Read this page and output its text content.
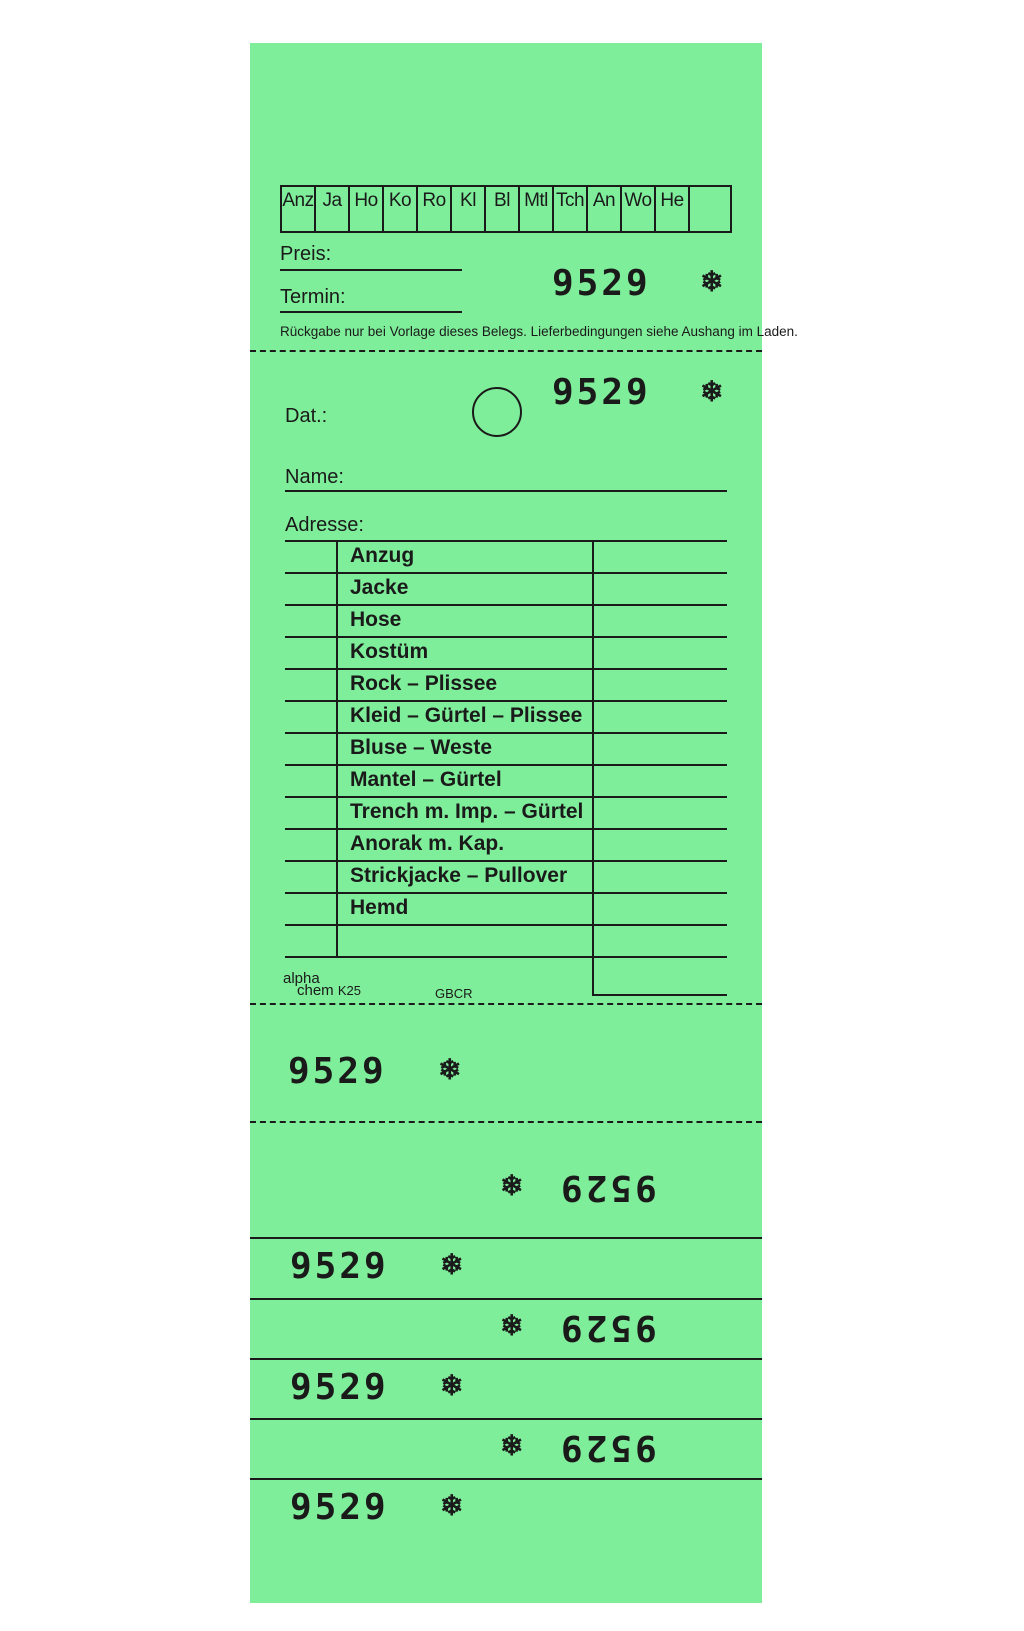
Anz Ja Ho Ko Ro Kl Bl Mtl Tch An Wo He
Preis:
Termin:	9529 ❄
Rückgabe nur bei Vorlage dieses Belegs. Lieferbedingungen siehe Aushang im Laden.
9529 ❄
Dat.:
Name:
Adresse:
Anzug
Jacke
Hose
Kostüm
Rock – Plissee
Kleid – Gürtel – Plissee
Bluse – Weste
Mantel – Gürtel
Trench m. Imp. – Gürtel
Anorak m. Kap.
Strickjacke – Pullover
Hemd
alpha
chem K25	GBCR
9529 ❄
9529
❄
9529 ❄
9529
❄
9529 ❄
9529
❄
9529 ❄
